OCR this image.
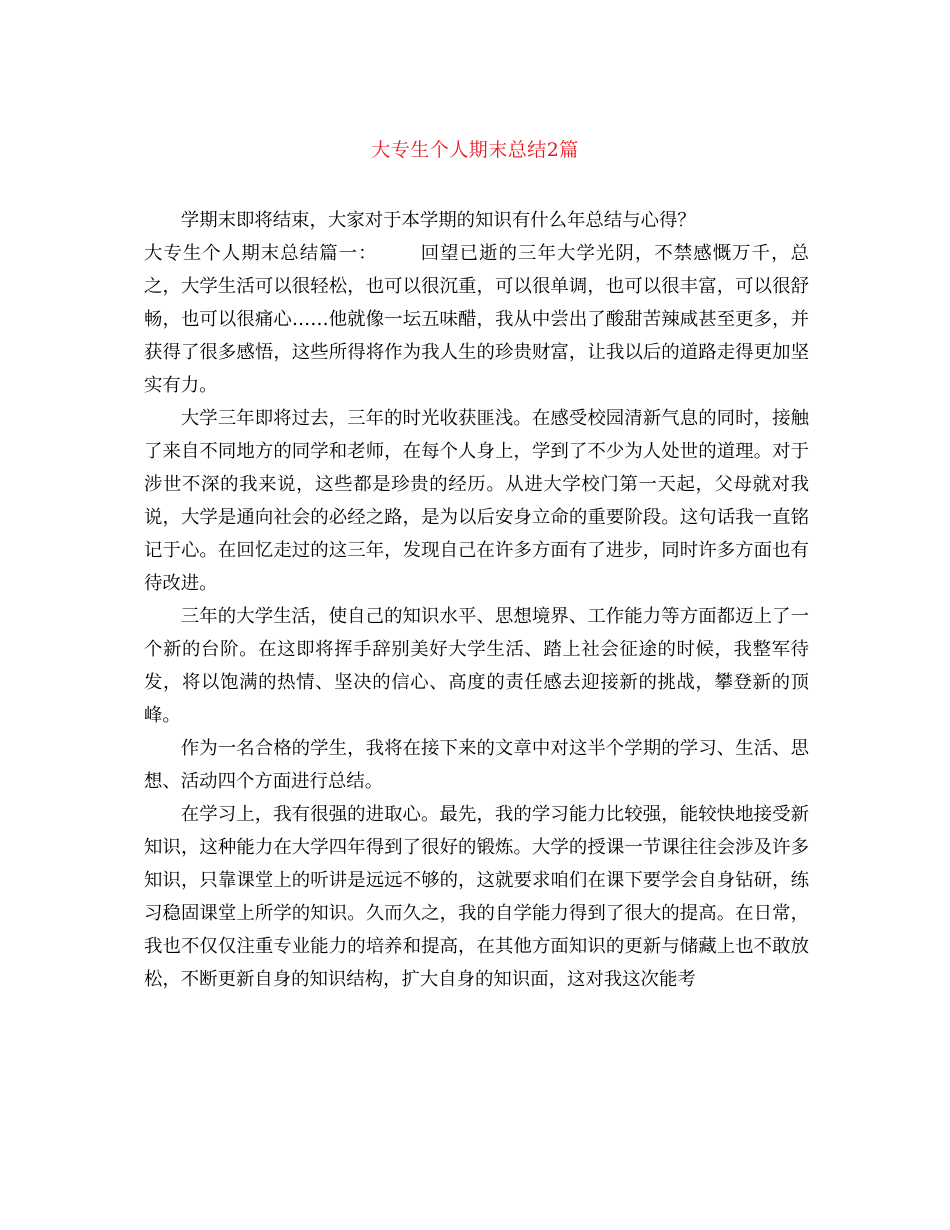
大专生个人期末总结2篇

学期末即将结束，大家对于本学期的知识有什么年总结与心得？

大专生个人期末总结篇一： 回望已逝的三年大学光阴，不禁感慨万千，总之，大学生活可以很轻松，也可以很沉重，可以很单调，也可以很丰富，可以很舒畅，也可以很痛心……他就像一坛五味醋，我从中尝出了酸甜苦辣咸甚至更多，并获得了很多感悟，这些所得将作为我人生的珍贵财富，让我以后的道路走得更加坚实有力。

大学三年即将过去，三年的时光收获匪浅。在感受校园清新气息的同时，接触了来自不同地方的同学和老师，在每个人身上，学到了不少为人处世的道理。对于涉世不深的我来说，这些都是珍贵的经历。从进大学校门第一天起，父母就对我说，大学是通向社会的必经之路，是为以后安身立命的重要阶段。这句话我一直铭记于心。在回忆走过的这三年，发现自己在许多方面有了进步，同时许多方面也有待改进。

三年的大学生活，使自己的知识水平、思想境界、工作能力等方面都迈上了一个新的台阶。在这即将挥手辞别美好大学生活、踏上社会征途的时候，我整军待发，将以饱满的热情、坚决的信心、高度的责任感去迎接新的挑战，攀登新的顶峰。

作为一名合格的学生，我将在接下来的文章中对这半个学期的学习、生活、思想、活动四个方面进行总结。

在学习上，我有很强的进取心。最先，我的学习能力比较强，能较快地接受新知识，这种能力在大学四年得到了很好的锻炼。大学的授课一节课往往会涉及许多知识，只靠课堂上的听讲是远远不够的，这就要求咱们在课下要学会自身钻研，练习稳固课堂上所学的知识。久而久之，我的自学能力得到了很大的提高。在日常，我也不仅仅注重专业能力的培养和提高，在其他方面知识的更新与储藏上也不敢放松，不断更新自身的知识结构，扩大自身的知识面，这对我这次能考
